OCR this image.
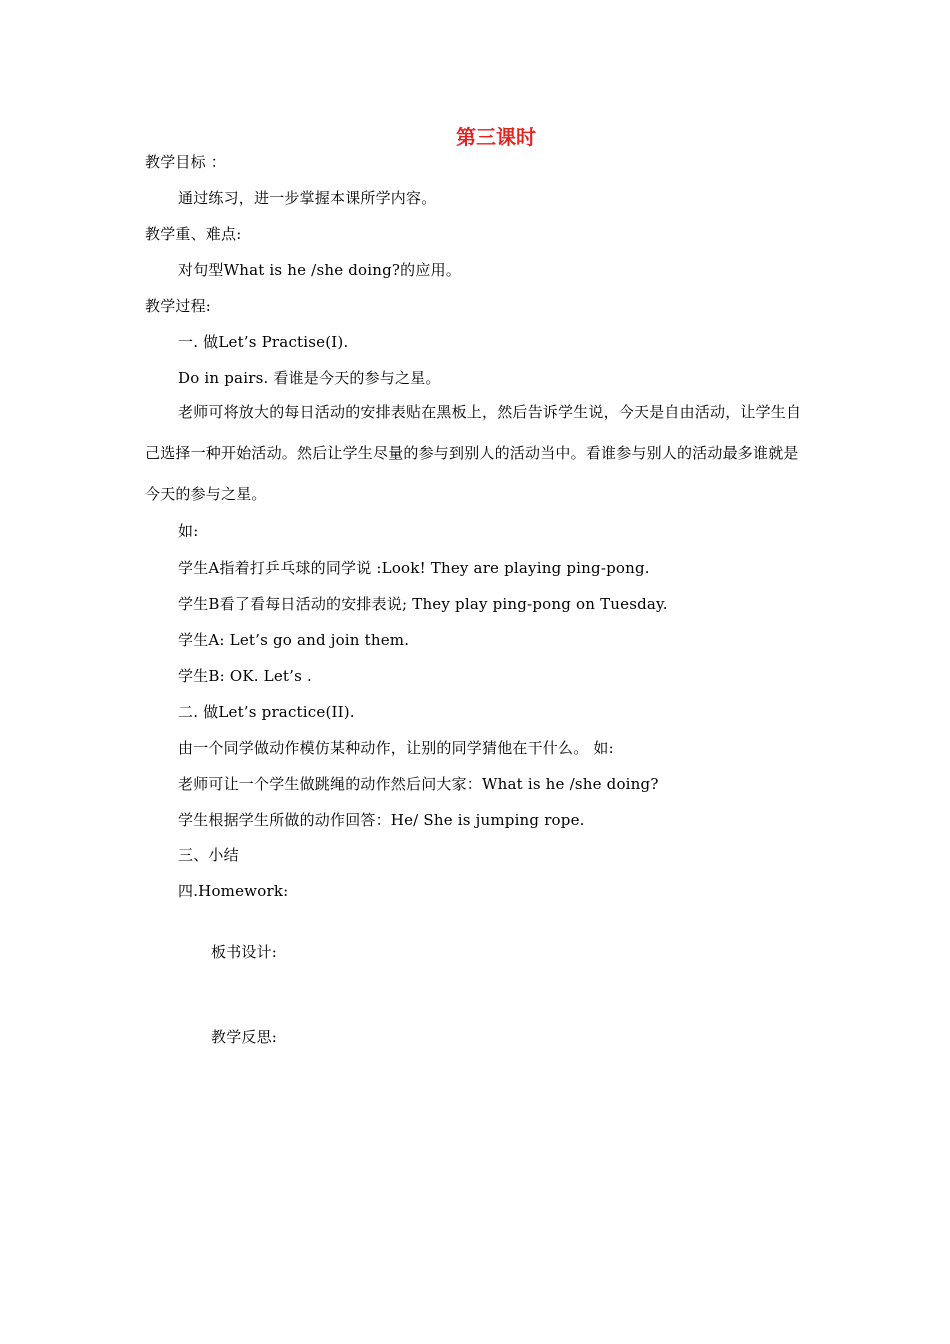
第三课时
教学目标 ：
通过练习，进一步掌握本课所学内容。
教学重、难点:
对句型What is he /she doing?的应用。
教学过程:
一. 做Let’s Practise(I).
Do in pairs. 看谁是今天的参与之星。
老师可将放大的每日活动的安排表贴在黑板上，然后告诉学生说，今天是自由活动，让学生自己选择一种开始活动。然后让学生尽量的参与到别人的活动当中。看谁参与别人的活动最多谁就是今天的参与之星。
如:
学生A指着打乒乓球的同学说 :Look! They are playing ping-pong.
学生B看了看每日活动的安排表说; They play ping-pong on Tuesday.
学生A: Let’s go and join them.
学生B: OK. Let’s .
二. 做Let’s practice(II).
由一个同学做动作模仿某种动作，让别的同学猜他在干什么。 如:
老师可让一个学生做跳绳的动作然后问大家：What is he /she doing?
学生根据学生所做的动作回答：He/ She is jumping rope.
三、小结
四.Homework:
板书设计:
教学反思:
